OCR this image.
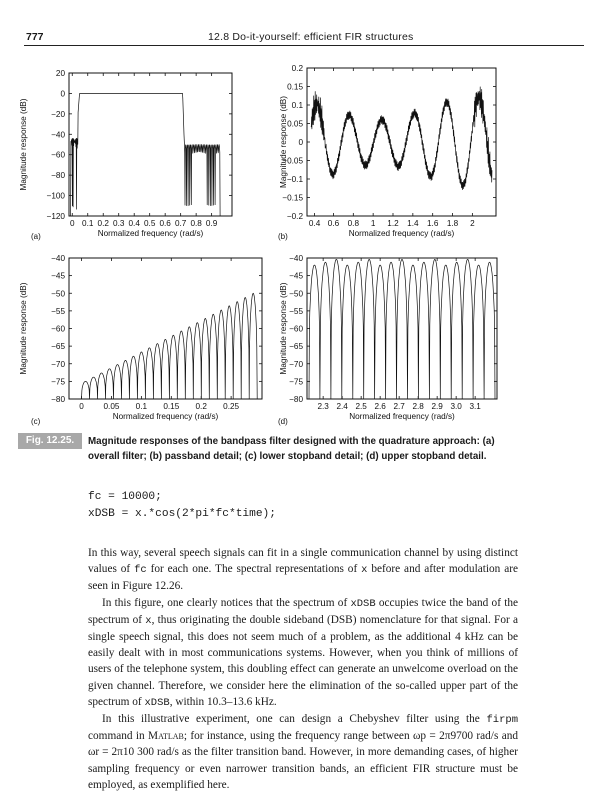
777	12.8 Do-it-yourself: efficient FIR structures
20
0
−20
−40
−60
−80
−100
−120
0 0.1 0.2 0.3 0.4 0.5 0.6 0.7 0.8 0.9
Normalized frequency (rad/s)
Magnitude response (dB)
(a)
0.2
0.15
0.1
0.05
0
−0.05
−0.1
−0.15
−0.2
0.4 0.6 0.8 1 1.2 1.4 1.6 1.8 2
Normalized frequency (rad/s)
Magnitude response (dB)
(b)
−40
−45
−50
−55
−60
−65
−70
−75
−80
0 0.05 0.1 0.15 0.2 0.25
Normalized frequency (rad/s)
Magnitude response (dB)
(c)
−40
−45
−50
−55
−60
−65
−70
−75
−80
2.3 2.4 2.5 2.6 2.7 2.8 2.9 3.0 3.1
Normalized frequency (rad/s)
Magnitude response (dB)
(d)
Fig. 12.25.	Magnitude responses of the bandpass filter designed with the quadrature approach: (a) overall filter; (b) passband detail; (c) lower stopband detail; (d) upper stopband detail.
fc = 10000;
xDSB = x.*cos(2*pi*fc*time);

In this way, several speech signals can fit in a single communication channel by using distinct values of fc for each one. The spectral representations of x before and after modulation are seen in Figure 12.26.

In this figure, one clearly notices that the spectrum of xDSB occupies twice the band of the spectrum of x, thus originating the double sideband (DSB) nomenclature for that signal. For a single speech signal, this does not seem much of a problem, as the additional 4 kHz can be easily dealt with in most communications systems. However, when you think of millions of users of the telephone system, this doubling effect can generate an unwelcome overload on the given channel. Therefore, we consider here the elimination of the so-called upper part of the spectrum of xDSB, within 10.3–13.6 kHz.

In this illustrative experiment, one can design a Chebyshev filter using the firpm command in Matlab; for instance, using the frequency range between ωp = 2π9700 rad/s and ωr = 2π10 300 rad/s as the filter transition band. However, in more demanding cases, of higher sampling frequency or even narrower transition bands, an efficient FIR structure must be employed, as exemplified here.
